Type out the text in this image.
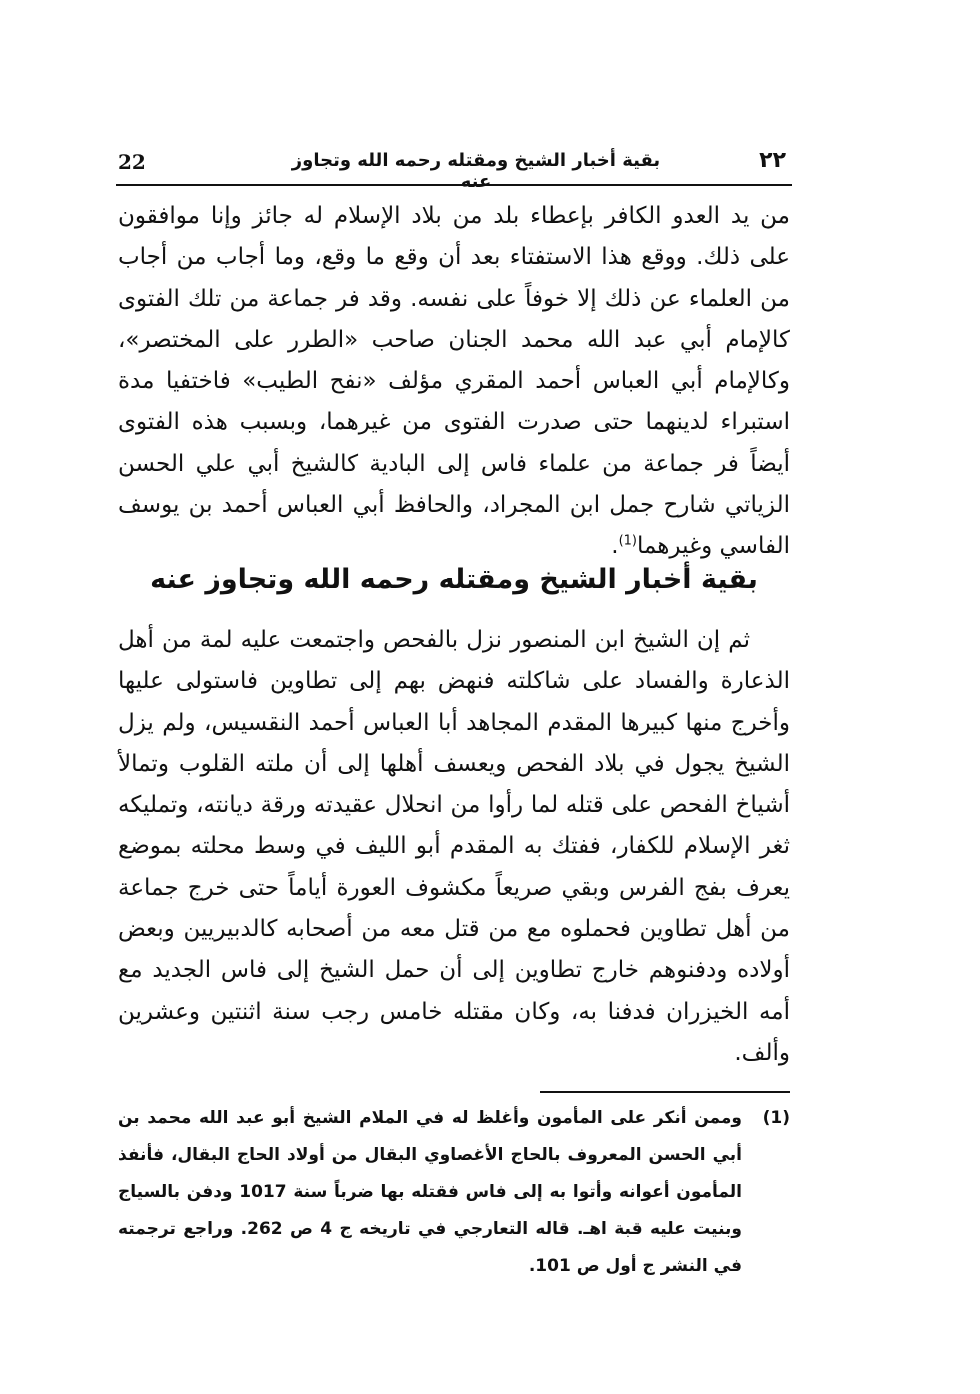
22	بقية أخبار الشيخ ومقتله رحمه الله وتجاوز عنه
٢٢

من يد العدو الكافر بإعطاء بلد من بلاد الإسلام له جائز وإنا موافقون على ذلك. ووقع هذا الاستفتاء بعد أن وقع ما وقع، وما أجاب من أجاب من العلماء عن ذلك إلا خوفاً على نفسه. وقد فر جماعة من تلك الفتوى كالإمام أبي عبد الله محمد الجنان صاحب «الطرر على المختصر»، وكالإمام أبي العباس أحمد المقري مؤلف «نفح الطيب» فاختفيا مدة استبراء لدينهما حتى صدرت الفتوى من غيرهما، وبسبب هذه الفتوى أيضاً فر جماعة من علماء فاس إلى البادية كالشيخ أبي علي الحسن الزياتي شارح جمل ابن المجراد، والحافظ أبي العباس أحمد بن يوسف الفاسي وغيرهما$^{(1)}$.

بقية أخبار الشيخ ومقتله رحمه الله وتجاوز عنه

ثم إن الشيخ ابن المنصور نزل بالفحص واجتمعت عليه لمة من أهل الذعارة والفساد على شاكلته فنهض بهم إلى تطاوين فاستولى عليها وأخرج منها كبيرها المقدم المجاهد أبا العباس أحمد النقسيس، ولم يزل الشيخ يجول في بلاد الفحص ويعسف أهلها إلى أن ملته القلوب وتمالأ أشياخ الفحص على قتله لما رأوا من انحلال عقيدته ورقة ديانته، وتمليكه ثغر الإسلام للكفار، ففتك به المقدم أبو الليف في وسط محلته بموضع يعرف بفج الفرس وبقي صريعاً مكشوف العورة أياماً حتى خرج جماعة من أهل تطاوين فحملوه مع من قتل معه من أصحابه كالدبيريين وبعض أولاده ودفنوهم خارج تطاوين إلى أن حمل الشيخ إلى فاس الجديد مع أمه الخيزران فدفنا به، وكان مقتله خامس رجب سنة اثنتين وعشرين وألف.

(1)
وممن أنكر على المأمون وأغلظ له في الملام الشيخ أبو عبد الله محمد بن أبي الحسن المعروف بالحاج الأغصاوي البقال من أولاد الحاج البقال، فأنفذ المأمون أعوانه وأتوا به إلى فاس فقتله بها ضرباً سنة 1017 ودفن بالسياج وبنيت عليه قبة اهـ. قاله التعارجي في تاريخه ج 4 ص 262. وراجع ترجمته في النشر ج أول ص 101.
